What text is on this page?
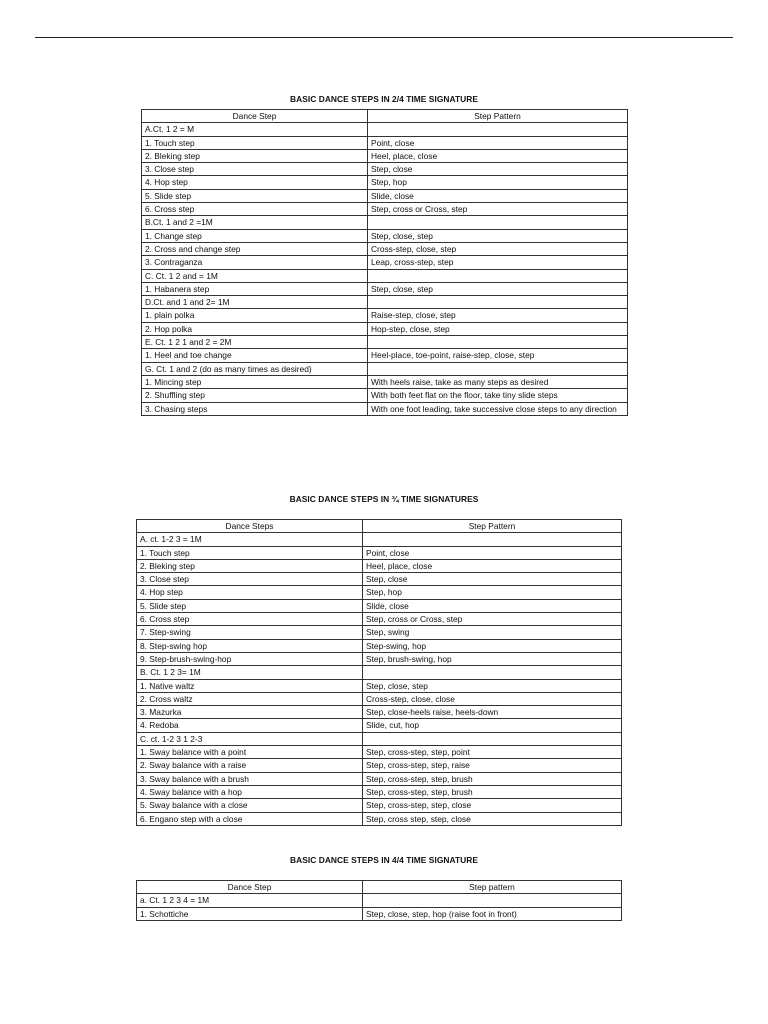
BASIC DANCE STEPS IN 2/4 TIME SIGNATURE
Dance Step	Step Pattern
A.Ct. 1 2 = M	
1. Touch step	Point, close
2. Bleking step	Heel, place, close
3. Close step	Step, close
4. Hop step	Step, hop
5. Slide step	Slide, close
6. Cross step	Step, cross or Cross, step
B.Ct. 1 and 2 =1M	
1. Change step	Step, close, step
2. Cross and change step	Cross-step, close, step
3. Contraganza	Leap, cross-step, step
C. Ct. 1 2 and = 1M	
1. Habanera step	Step, close, step
D.Ct. and 1 and 2= 1M	
1. plain polka	Raise-step, close, step
2. Hop polka	Hop-step, close, step
E. Ct. 1 2 1 and 2 = 2M	
1. Heel and toe change	Heel-place, toe-point, raise-step, close, step
G. Ct. 1 and 2 (do as many times as desired)	
1. Mincing step	With heels raise, take as many steps as desired
2. Shuffling step	With both feet flat on the floor, take tiny slide steps
3. Chasing steps	With one foot leading, take successive close steps to any direction
BASIC DANCE STEPS IN ¾ TIME SIGNATURES
Dance Steps	Step Pattern
A. ct. 1-2 3 = 1M	
1. Touch step	Point, close
2. Bleking step	Heel, place, close
3. Close step	Step, close
4. Hop step	Step, hop
5. Slide step	Slide, close
6. Cross step	Step, cross or Cross, step
7. Step-swing	Step, swing
8. Step-swing hop	Step-swing, hop
9. Step-brush-swing-hop	Step, brush-swing, hop
B. Ct. 1 2 3= 1M	
1. Native waltz	Step, close, step
2. Cross waltz	Cross-step, close, close
3. Mazurka	Step, close-heels raise, heels-down
4. Redoba	Slide, cut, hop
C. ct. 1-2 3 1 2-3	
1. Sway balance with a point	Step, cross-step, step, point
2. Sway balance with a raise	Step, cross-step, step, raise
3. Sway balance with a brush	Step, cross-step, step, brush
4. Sway balance with a hop	Step, cross-step, step, brush
5. Sway balance with a close	Step, cross-step, step, close
6. Engano step with a close	Step, cross step, step, close
BASIC DANCE STEPS IN 4/4 TIME SIGNATURE
Dance Step	Step pattern
a. Ct. 1 2 3 4 = 1M	
1. Schottiche	Step, close, step, hop (raise foot in front)
